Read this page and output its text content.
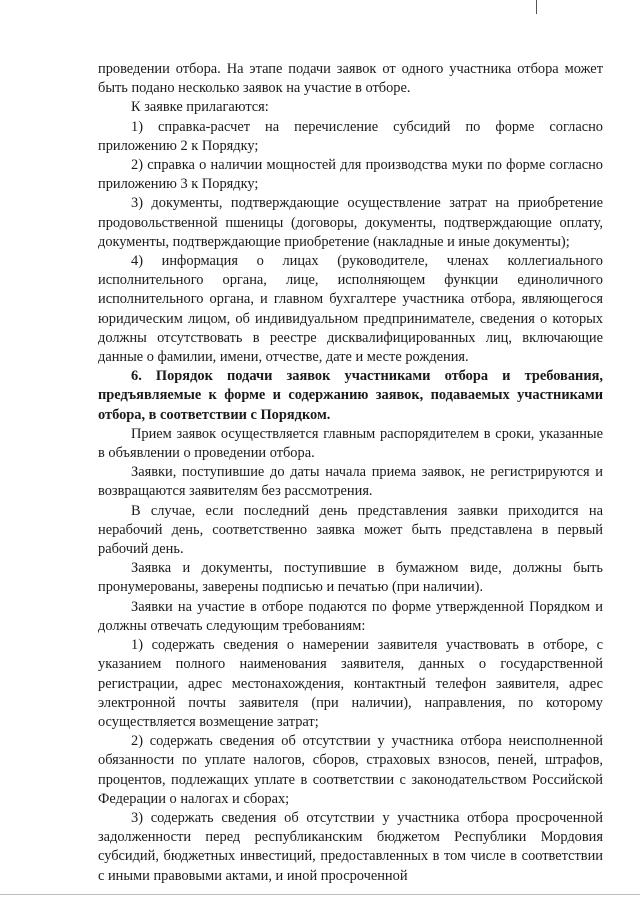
проведении отбора. На этапе подачи заявок от одного участника отбора может быть подано несколько заявок на участие в отборе.

К заявке прилагаются:

1) справка-расчет на перечисление субсидий по форме согласно приложению 2 к Порядку;

2) справка о наличии мощностей для производства муки по форме согласно приложению 3 к Порядку;

3) документы, подтверждающие осуществление затрат на приобретение продовольственной пшеницы (договоры, документы, подтверждающие оплату, документы, подтверждающие приобретение (накладные и иные документы);

4) информация о лицах (руководителе, членах коллегиального исполнительного органа, лице, исполняющем функции единоличного исполнительного органа, и главном бухгалтере участника отбора, являющегося юридическим лицом, об индивидуальном предпринимателе, сведения о которых должны отсутствовать в реестре дисквалифицированных лиц, включающие данные о фамилии, имени, отчестве, дате и месте рождения.

6. Порядок подачи заявок участниками отбора и требования, предъявляемые к форме и содержанию заявок, подаваемых участниками отбора, в соответствии с Порядком.

Прием заявок осуществляется главным распорядителем в сроки, указанные в объявлении о проведении отбора.

Заявки, поступившие до даты начала приема заявок, не регистрируются и возвращаются заявителям без рассмотрения.

В случае, если последний день представления заявки приходится на нерабочий день, соответственно заявка может быть представлена в первый рабочий день.

Заявка и документы, поступившие в бумажном виде, должны быть пронумерованы, заверены подписью и печатью (при наличии).

Заявки на участие в отборе подаются по форме утвержденной Порядком и должны отвечать следующим требованиям:

1) содержать сведения о намерении заявителя участвовать в отборе, с указанием полного наименования заявителя, данных о государственной регистрации, адрес местонахождения, контактный телефон заявителя, адрес электронной почты заявителя (при наличии), направления, по которому осуществляется возмещение затрат;

2) содержать сведения об отсутствии у участника отбора неисполненной обязанности по уплате налогов, сборов, страховых взносов, пеней, штрафов, процентов, подлежащих уплате в соответствии с законодательством Российской Федерации о налогах и сборах;

3) содержать сведения об отсутствии у участника отбора просроченной задолженности перед республиканским бюджетом Республики Мордовия субсидий, бюджетных инвестиций, предоставленных в том числе в соответствии с иными правовыми актами, и иной просроченной
